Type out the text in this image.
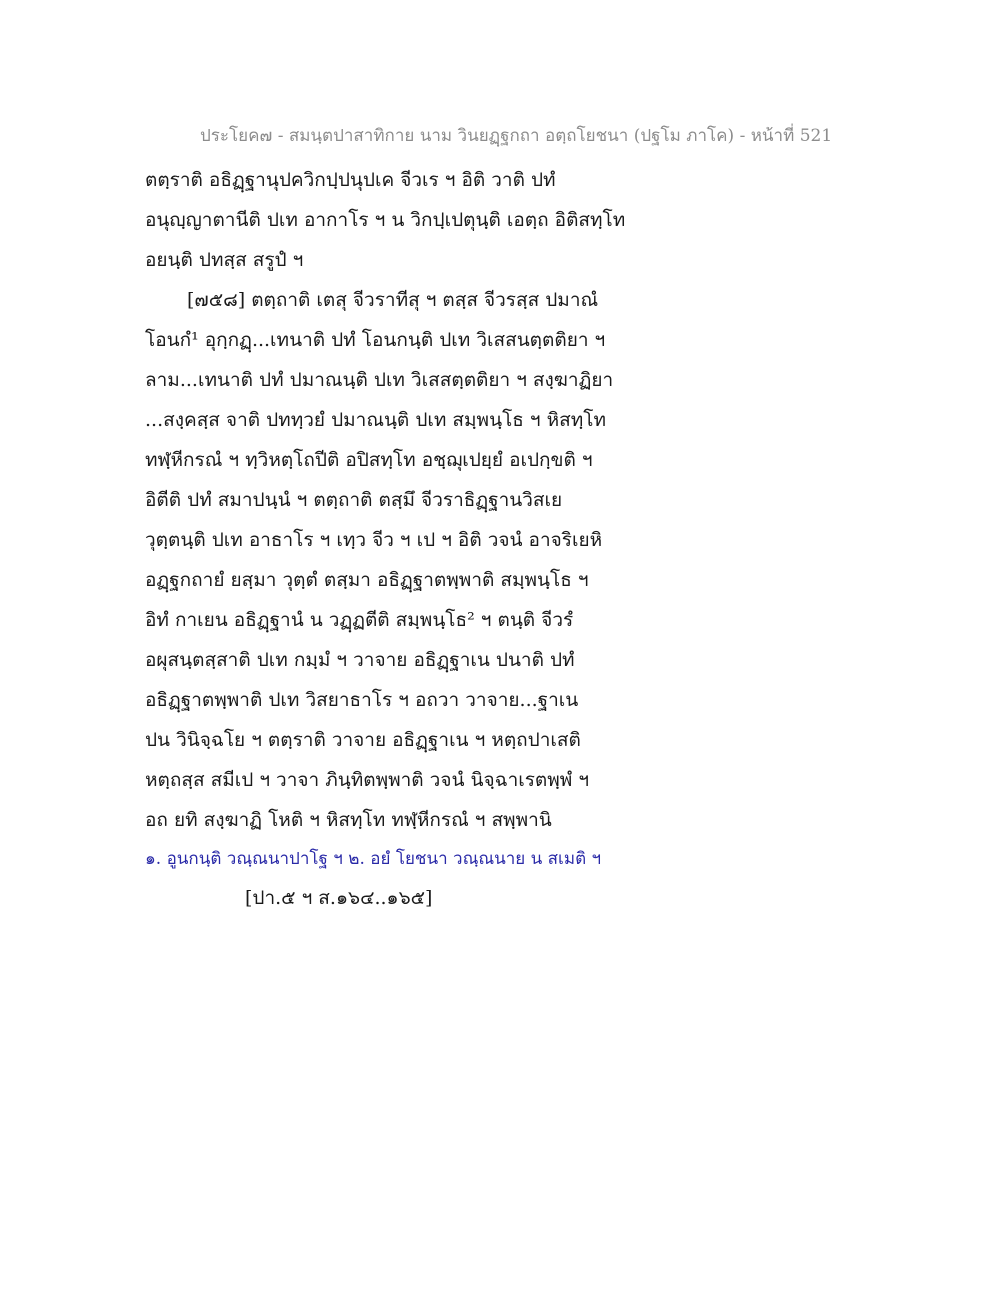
ประโยค๗ - สมนฺตปาสาทิกาย นาม วินยฏฺฐกถา อตฺถโยชนา (ปฐโม ภาโค) - หน้าที่ 521
ตตฺราติ อธิฏฺฐานุปควิกปฺปนุปเค จีวเร ฯ อิติ วาติ ปทํ
อนุญฺญาตานีติ ปเท อากาโร ฯ น วิกปฺเปตุนฺติ เอตฺถ อิติสทฺโท
อยนฺติ ปทสฺส สรูปํ ฯ
[๗๕๘] ตตฺถาติ เตสุ จีวราทีสุ ฯ ตสฺส จีวรสฺส ปมาณํ
โอนกํ¹ อุกฺกฏฺ...เทนาติ ปทํ โอนกนฺติ ปเท วิเสสนตฺตติยา ฯ
ลาม...เทนาติ ปทํ ปมาณนฺติ ปเท วิเสสตฺตติยา ฯ สงฺฆาฏิยา
...สงฺคสฺส จาติ ปททฺวยํ ปมาณนฺติ ปเท สมฺพนฺโธ ฯ หิสทฺโท
ทฬฺหีกรณํ ฯ ทฺวิหตฺโถปีติ อปิสทฺโท อชฺฌุเปยฺยํ อเปกฺขติ ฯ
อิตีติ ปทํ สมาปนฺนํ ฯ ตตฺถาติ ตสฺมึ จีวราธิฏฺฐานวิสเย
วุตฺตนฺติ ปเท อาธาโร ฯ เทฺว จีว ฯ เป ฯ อิติ วจนํ อาจริเยหิ
อฏฺฐกถายํ ยสฺมา วุตฺตํ ตสฺมา อธิฏฺฐาตพฺพาติ สมฺพนฺโธ ฯ
อิทํ กาเยน อธิฏฺฐานํ น วฏฺฏตีติ สมฺพนฺโธ² ฯ ตนฺติ จีวรํ
อผุสนฺตสฺสาติ ปเท กมฺมํ ฯ วาจาย อธิฏฺฐาเน ปนาติ ปทํ
อธิฏฺฐาตพฺพาติ ปเท วิสยาธาโร ฯ อถวา วาจาย...ฐาเน
ปน วินิจฺฉโย ฯ ตตฺราติ วาจาย อธิฏฺฐาเน ฯ หตฺถปาเสติ
หตฺถสฺส สมีเป ฯ วาจา ภินฺทิตพฺพาติ วจนํ นิจฺฉาเรตพฺพํ ฯ
อถ ยทิ สงฺฆาฏิ โหติ ฯ หิสทฺโท ทฬฺหีกรณํ ฯ สพฺพานิ
๑. อูนกนฺติ วณฺณนาปาโฐ ฯ ๒. อยํ โยชนา วณฺณนาย น สเมติ ฯ
[ปา.๕ ฯ ส.๑๖๔..๑๖๕]
